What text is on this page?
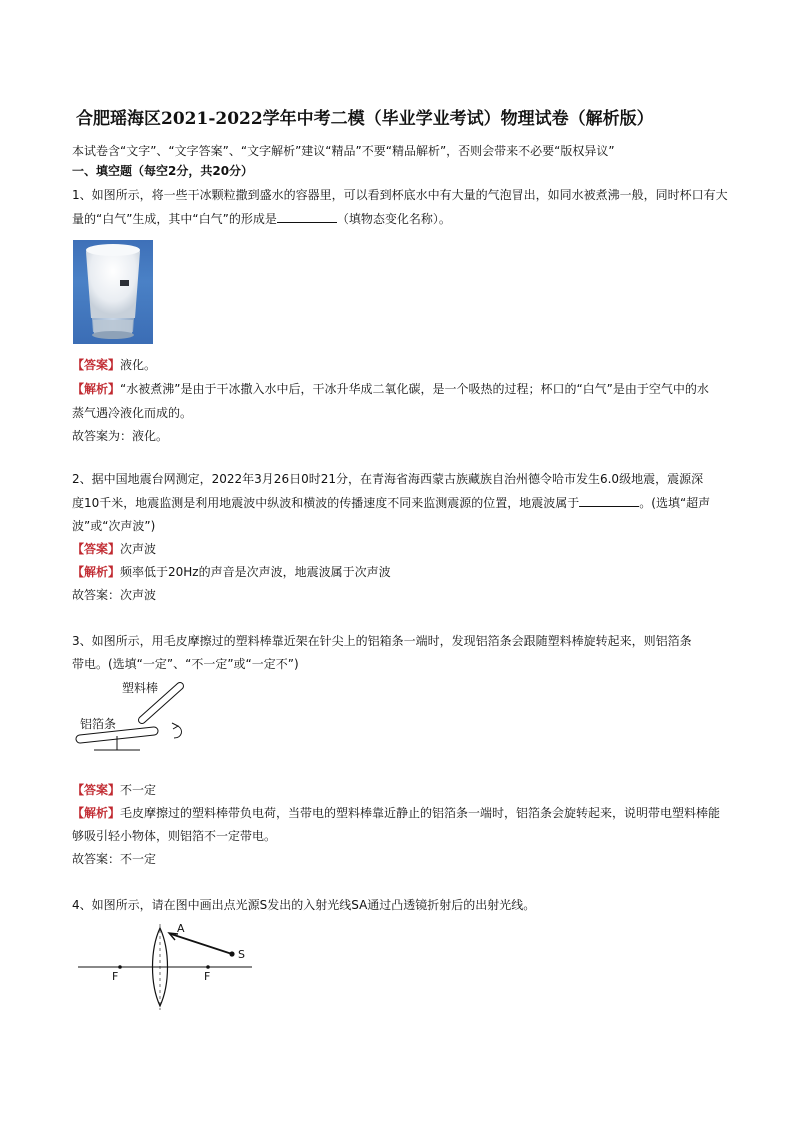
合肥瑶海区2021-2022学年中考二模（毕业学业考试）物理试卷（解析版）
本试卷含“文字”、“文字答案”、“文字解析”建议“精品”不要“精品解析”，否则会带来不必要“版权异议”
一、填空题（每空2分，共20分）
1、如图所示，将一些干冰颗粒撒到盛水的容器里，可以看到杯底水中有大量的气泡冒出，如同水被煮沸一般，同时杯口有大
量的“白气”生成，其中“白气”的形成是	（填物态变化名称）。
【答案】液化。
【解析】“水被煮沸”是由于干冰撒入水中后，干冰升华成二氧化碳，是一个吸热的过程；杯口的“白气”是由于空气中的水
蒸气遇冷液化而成的。
故答案为：液化。
2、据中国地震台网测定，2022年3月26日0时21分，在青海省海西蒙古族藏族自治州德令哈市发生6.0级地震，震源深
度10千米，地震监测是利用地震波中纵波和横波的传播速度不同来监测震源的位置，地震波属于	。(选填“超声
波”或“次声波”)
【答案】次声波
【解析】频率低于20Hz的声音是次声波，地震波属于次声波
故答案：次声波
3、如图所示，用毛皮摩擦过的塑料棒靠近架在针尖上的铝箱条一端时，发现铝箔条会跟随塑料棒旋转起来，则铝箔条
带电。(选填“一定”、“不一定”或“一定不”)
塑料棒
铝箔条
【答案】不一定
【解析】毛皮摩擦过的塑料棒带负电荷，当带电的塑料棒靠近静止的铝箔条一端时，铝箔条会旋转起来，说明带电塑料棒能
够吸引轻小物体，则铝箔不一定带电。
故答案：不一定
4、如图所示，请在图中画出点光源S发出的入射光线SA通过凸透镜折射后的出射光线。
A
S
F	F
